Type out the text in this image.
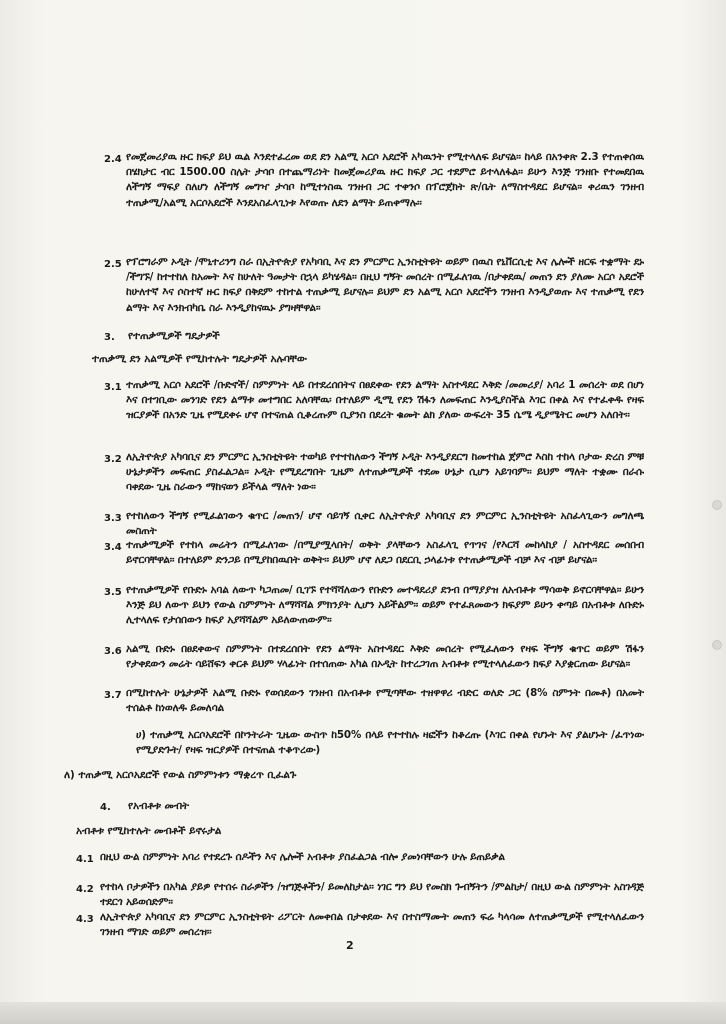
2.4 የመጀመሪያዉ ዙር ክፍያ ይህ ዉል እንደተፈረመ ወደ ደን አልሚ አርሶ አደሮች አካዉንት የሚተላለፍ ይሆናል፡፡ ከላይ በአንቀጽ 2.3 የተጠቀሰዉ በሄክታር ብር 1500.00 ስሌት ታሳቦ በተጨማሪነት ከመጀመሪያዉ ዙር ክፍያ ጋር ተደምሮ ይተላለፋል፡፡ ይሁን እንጅ ገንዘቡ የተመደበዉ ለችግኝ ማፍያ ስለሆነ ለችግኝ መግዣ ታሳቦ ከሚተነስዉ ገንዘብ ጋር ተቀንሶ በፕሮጀክት ጽ/ቤት ለማስተዳደር ይሆናል፡፡ ቀሪዉን ገንዘብ ተጠቃሚ/አልሚ አርሶአደሮች እንደአስፈላጊነቱ እየወጡ ለደን ልማት ይጠቀማሉ፡፡
2.5 የፕሮግራም ኦዲት /ሞኒተሪንግ ስራ በኢትዮጵያ የአካባቢ እና ደን ምርምር ኢንስቲትዩት ወይም በዉስ የኒቨርሲቲ እና ሌሎች ዘርፍ ተቋማት ደኑ /ችግኙ/ ከተተከለ ከአመት እና ከሁለት ዓመታት በኋላ ይካሄዳል፡፡ በዚህ ግኝት መሰረት በሚፈለገዉ /በታቀደዉ/ መጠን ደን ያለሙ አርሶ አደሮች ከሁለተኛ እና ሶስተኛ ዙር ክፍያ በቅደም ተከተል ተጠቃሚ ይሆናሉ፡፡ ይህም ደን አልሚ አርሶ አደሮችን ገንዘብ እንዲያወጡ እና ተጠቃሚ የደን ልማት እና እንክብካቤ ስራ እንዲያከናዉኑ ያግዛቸዋል፡፡
3. የተጠቃሚዎች ግዴታዎች
ተጠቃሚ ደን አልሚዎች የሚከተሉት ግዴታዎች አሉባቸው
3.1 ተጠቃሚ አርሶ አደሮች /ቡድኖች/ ስምምነት ላይ በተደረሰበትና በፀደቀው የደን ልማት አስተዳደር እቅድ /መመሪያ/ አባሪ 1 መሰረት ወደ በሆነ እና በተገቢው መንገድ የደን ልማቱ መተግበር አለባቸዉ፡ በተለይም ዲሚ የደን ሽፋን ለመፍጠር እንዲያስችል እገር በቀል እና የተፈቀዱ የዛፍ ዝርያዎች በአንድ ጊዜ የሚደቀሩ ሆኖ በተናጠል ሲቆረጡም ቢያንስ በደረት ቁመት ልክ ያለው ውፍረት 35 ሴሜ ዲያሜትር መሆን አለበት፡፡
3.2 ለኢትዮጵያ አካባቢና ደን ምርምር ኢንስቲትዩት ተወካይ የተተከለውን ችግኝ ኦዲት እንዲያደርግ ከመተከል ጀምሮ እስከ ተከላ ቦታው ድረስ ምቹ ሁኔታዎችን መፍጠር ያስፈልጋል፡፡ ኦዲት የሚደረግበት ጊዜም ለተጠቃሚዎች ተደመ ሁኔታ ሲሆን አይገባም፡፡ ይህም ማለት ተቋሙ በራሱ ባቀደው ጊዜ ስራውን ማከናወን ይችላል ማለት ነው፡፡
3.3 የተከለውን ችግኝ የሚፈልገውን ቁጥር /መጠን/ ሆኖ ሳይገኝ ሲቀር ለኢትዮጵያ አካባቢና ደን ምርምር ኢንስቲትዩት አስፈላጊውን መግለጫ መስጠት
3.4 ተጠቃሚዎች የተከላ መሬትን በሚፈለገው /በሚያሟላበት/ ወቅት ያላቸውን አስፈላጊ የጥገና /የእርሻ መከላከያ / አስተዳደር መሰበብ ይኖርባቸዋል፡፡ በተለይም ድንጋይ በሚያከበዉበት ወቅት፡፡ ይህም ሆኖ ለደጋ በደርቢ ኃላፊነቱ የተጠቃሚዎች ብቻ እና ብቻ ይሆናል፡፡
3.5 የተጠቃሚዎች የቡድኑ አባል ለውጥ ካጋጠመ/ ቢገኙ የተሻሻለውን የቡድን መተዳደሪያ ደንብ በማያያዝ ለአብቶቱ ማሳወቅ ይኖርባቸዋል፡፡ ይሁን እንጅ ይህ ለውጥ ይህን የውል ስምምነት ለማሻሻል ምክንያት ሊሆን አይችልም፡፡ ወይም የተፈጸመውን ክፍያም ይሁን ቀጣይ በአብቶቱ ለቡድኑ ሊተላለፍ የታሰበውን ክፍያ አያሻሻልም አይለውጠውም፡፡
3.6 አልሚ ቡድኑ በፀደቀውና ስምምነት በተደረሰበት የደን ልማት አስተዳደር እቅድ መሰረት የሚፈለውን የዛፍ ችግኝ ቁጥር ወይም ሽፋን የታቀደውን መሬት ሳይሸፍን ቀርቶ ይህም ሃላፊነት በተሰጠው አካል በኦዲት ከተረጋገጠ አብቶቱ የሚተላለፈውን ክፍያ እያቋርጠው ይሆናል፡፡
3.7 በሚከተሉት ሁኔታዎች አልሚ ቡድኑ የወሰደውን ገንዘብ በአብቶቱ የሚጣቸው ተዘዋዋሪ ብድር ወለድ ጋር (8% ስምንት በመቶ) በአመት ተሰልቶ ከነወለዱ ይመለሳል
ሀ) ተጠቃሚ አርሶአደሮች በኮንትራት ጊዜው ውስጥ ከ50% በላይ የተተከሉ ዛፎችን ከቆረጡ (እገር በቀል የሆኑት እና ያልሆኑት /ፈጥነው የሚያድጉት/ የዛፍ ዝርያዎች በተናጠል ተቆጥረው)
ለ) ተጠቃሚ አርሶአደሮች የውል ስምምነቱን ማቋረጥ ቢፈልጉ
4. የአብቶቱ መብት
አብቶቱ የሚከተሉት መብቶች ይኖሩታል
4.1 በዚህ ውል ስምምነት አባሪ የተደረጉ ሰዶችን እና ሌሎች አብቶቱ ያስፈልጋል ብሎ ያመነባቸውን ሁሉ ይጠይቃል
4.2 የተከላ ቦታዎችን በአካል ያይዎ የተሰሩ ስራዎችን /ዝግጅቶችን/ ይመለከታል፡፡ ነገር ግን ይህ የመስክ ጉብኝትን /ምልከታ/ በዚህ ውል ስምምነት አስገዳጅ ተደርጎ አይወሰድም፡፡
4.3 ለኢትዮጵያ አካባቢና ደን ምርምር ኢንስቲትዩት ሪፖርት ለመቀበል በታቀደው እና በተስማሙት መጠን ፍሬ ካላሳመ ለተጠቃሚዎች የሚተላለፈውን ገንዘብ ማገድ ወይም መሰረዝ፡፡
2
